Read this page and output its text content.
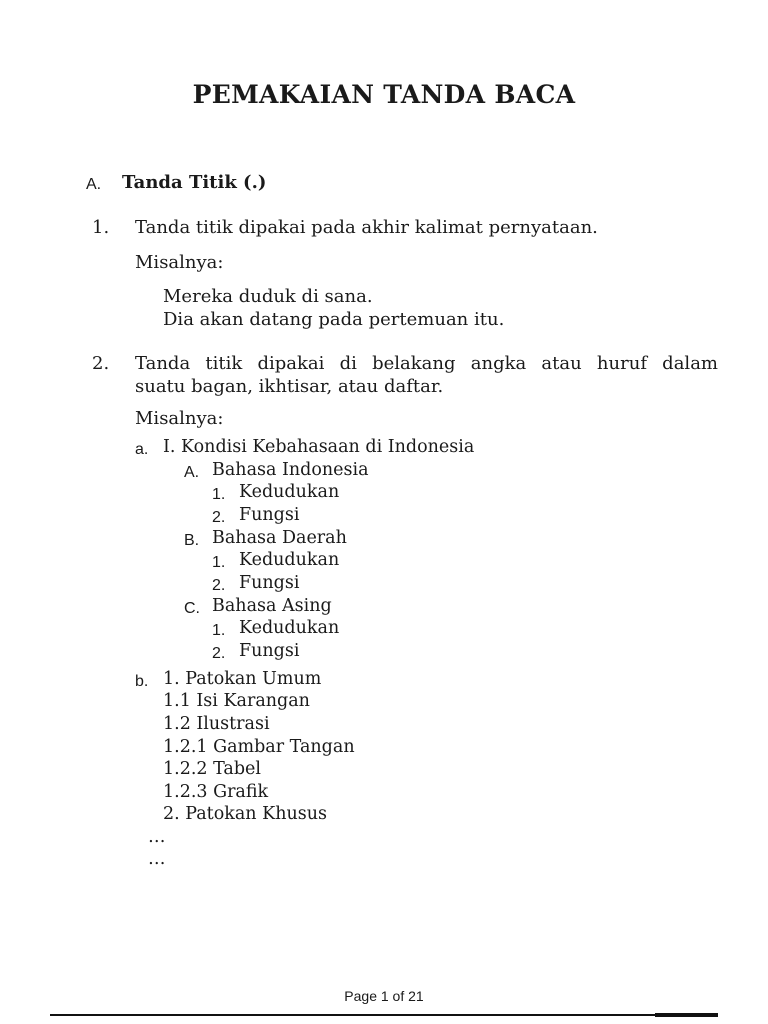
PEMAKAIAN TANDA BACA
A. Tanda Titik (.)
1. Tanda titik dipakai pada akhir kalimat pernyataan.
Misalnya:
Mereka duduk di sana.
Dia akan datang pada pertemuan itu.
2. Tanda titik dipakai di belakang angka atau huruf dalam
suatu bagan, ikhtisar, atau daftar.
Misalnya:
a. I. Kondisi Kebahasaan di Indonesia
A. Bahasa Indonesia
1. Kedudukan
2. Fungsi
B. Bahasa Daerah
1. Kedudukan
2. Fungsi
C. Bahasa Asing
1. Kedudukan
2. Fungsi
b. 1. Patokan Umum
1.1 Isi Karangan
1.2 Ilustrasi
1.2.1 Gambar Tangan
1.2.2 Tabel
1.2.3 Grafik
2. Patokan Khusus
…
…
Page 1 of 21
